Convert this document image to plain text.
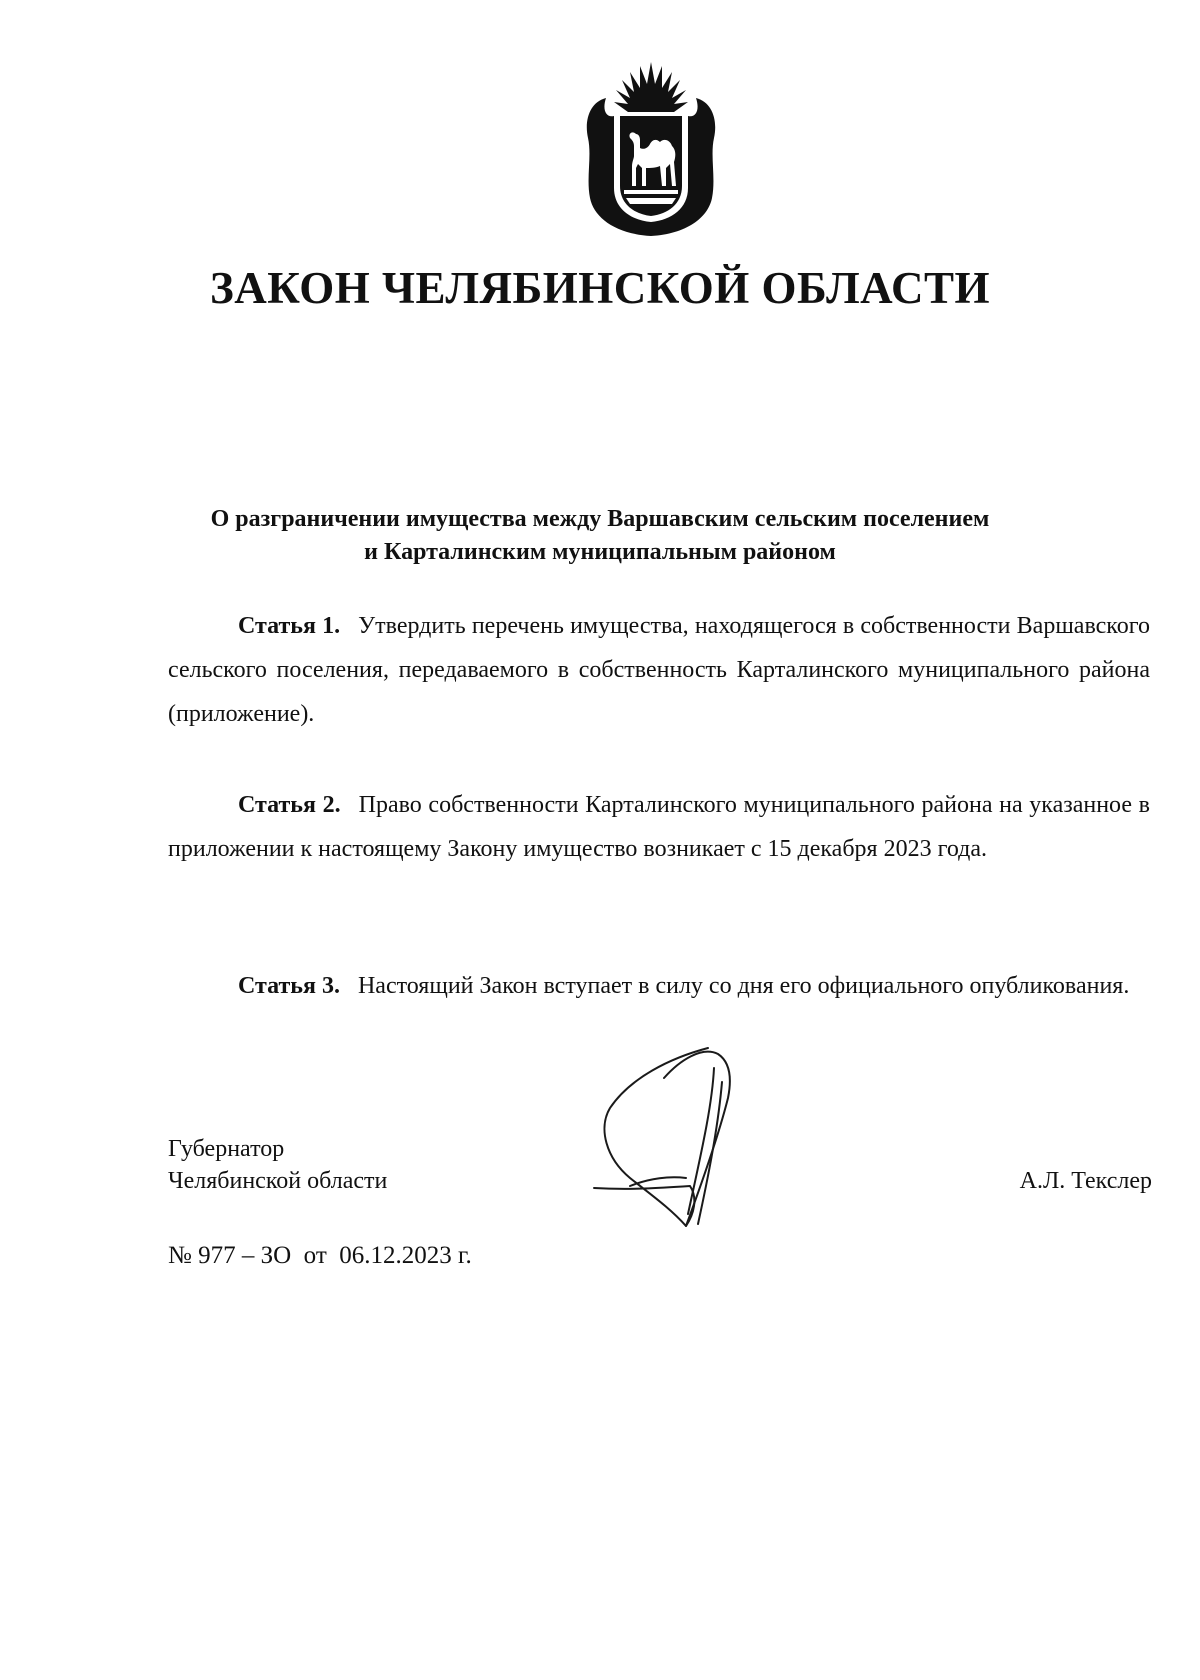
ЗАКОН ЧЕЛЯБИНСКОЙ ОБЛАСТИ
О разграничении имущества между Варшавским сельским поселением
и Карталинским муниципальным районом

Статья 1. Утвердить перечень имущества, находящегося в собственности Варшавского сельского поселения, передаваемого в собственность Карталинского муниципального района (приложение).

Статья 2. Право собственности Карталинского муниципального района на указанное в приложении к настоящему Закону имущество возникает с 15 декабря 2023 года.

Статья 3. Настоящий Закон вступает в силу со дня его официального опубликования.

Губернатор
Челябинской области	А.Л. Текслер

№ 977 – ЗО  от  06.12.2023 г.
